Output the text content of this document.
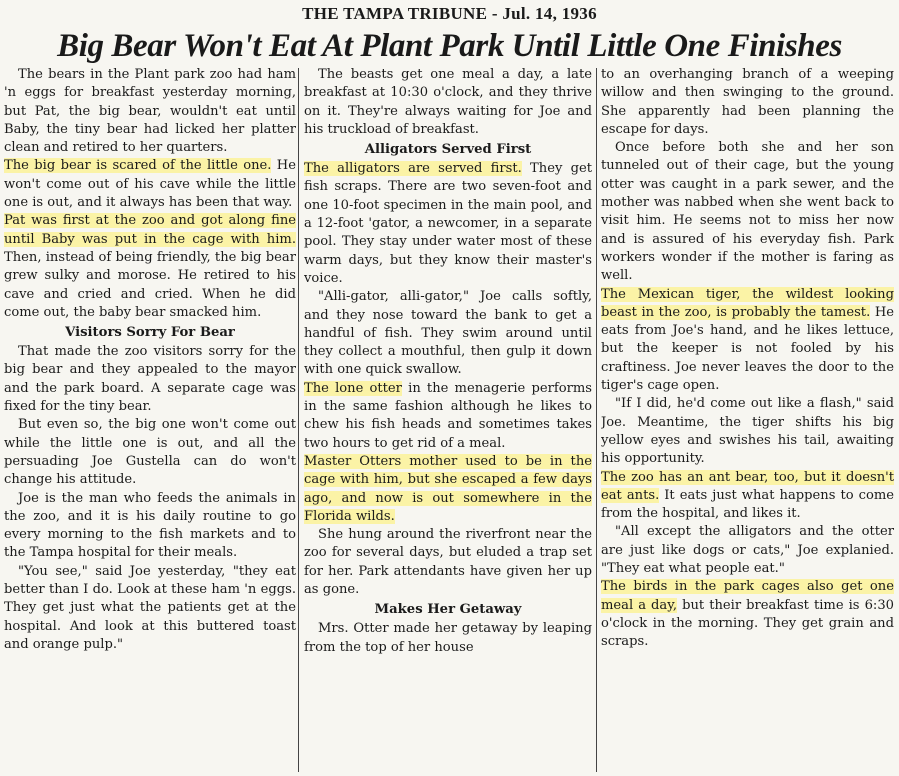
THE TAMPA TRIBUNE - Jul. 14, 1936
Big Bear Won't Eat At Plant Park Until Little One Finishes

The bears in the Plant park zoo had ham 'n eggs for breakfast yesterday morning, but Pat, the big bear, wouldn't eat until Baby, the tiny bear had licked her platter clean and retired to her quarters.

The big bear is scared of the little one. He won't come out of his cave while the little one is out, and it always has been that way.

Pat was first at the zoo and got along fine until Baby was put in the cage with him. Then, instead of being friendly, the big bear grew sulky and morose. He retired to his cave and cried and cried. When he did come out, the baby bear smacked him.

Visitors Sorry For Bear

That made the zoo visitors sorry for the big bear and they appealed to the mayor and the park board. A separate cage was fixed for the tiny bear.

But even so, the big one won't come out while the little one is out, and all the persuading Joe Gustella can do won't change his attitude.

Joe is the man who feeds the animals in the zoo, and it is his daily routine to go every morning to the fish markets and to the Tampa hospital for their meals.

"You see," said Joe yesterday, "they eat better than I do. Look at these ham 'n eggs. They get just what the patients get at the hospital. And look at this buttered toast and orange pulp."

The beasts get one meal a day, a late breakfast at 10:30 o'clock, and they thrive on it. They're always waiting for Joe and his truckload of breakfast.

Alligators Served First

The alligators are served first. They get fish scraps. There are two seven-foot and one 10-foot specimen in the main pool, and a 12-foot 'gator, a newcomer, in a separate pool. They stay under water most of these warm days, but they know their master's voice.

"Alli-gator, alli-gator," Joe calls softly, and they nose toward the bank to get a handful of fish. They swim around until they collect a mouthful, then gulp it down with one quick swallow.

The lone otter in the menagerie performs in the same fashion although he likes to chew his fish heads and sometimes takes two hours to get rid of a meal.

Master Otters mother used to be in the cage with him, but she escaped a few days ago, and now is out somewhere in the Florida wilds.

She hung around the riverfront near the zoo for several days, but eluded a trap set for her. Park attendants have given her up as gone.

Makes Her Getaway

Mrs. Otter made her getaway by leaping from the top of her house

to an overhanging branch of a weeping willow and then swinging to the ground. She apparently had been planning the escape for days.

Once before both she and her son tunneled out of their cage, but the young otter was caught in a park sewer, and the mother was nabbed when she went back to visit him. He seems not to miss her now and is assured of his everyday fish. Park workers wonder if the mother is faring as well.

The Mexican tiger, the wildest looking beast in the zoo, is probably the tamest. He eats from Joe's hand, and he likes lettuce, but the keeper is not fooled by his craftiness. Joe never leaves the door to the tiger's cage open.

"If I did, he'd come out like a flash," said Joe. Meantime, the tiger shifts his big yellow eyes and swishes his tail, awaiting his opportunity.

The zoo has an ant bear, too, but it doesn't eat ants. It eats just what happens to come from the hospital, and likes it.

"All except the alligators and the otter are just like dogs or cats," Joe explanied. "They eat what people eat."

The birds in the park cages also get one meal a day, but their breakfast time is 6:30 o'clock in the morning. They get grain and scraps.
